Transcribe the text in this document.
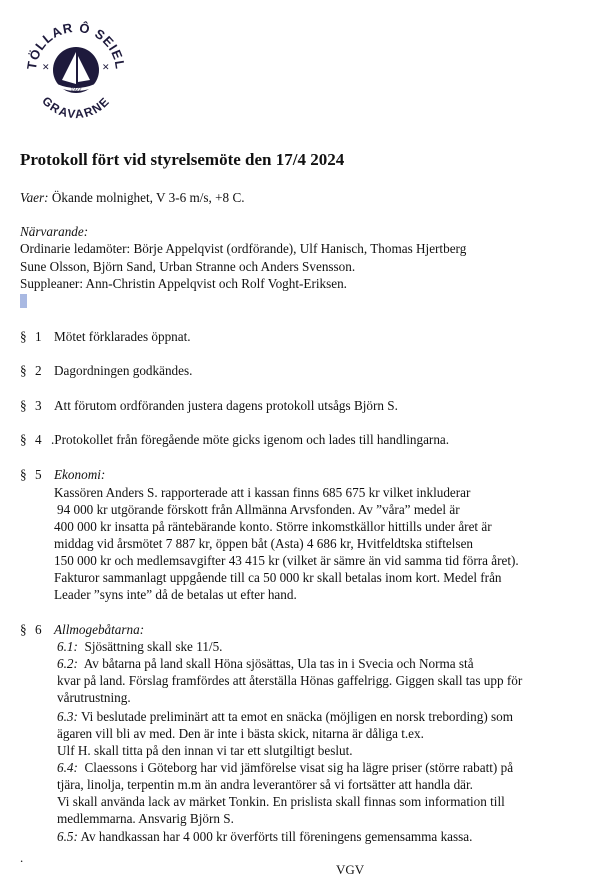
TÖLLAR Ô SEIEL
GRAVARNE
1922
✕	✕
Protokoll fört vid styrelsemöte den 17/4 2024
Vaer: Ökande molnighet, V 3-6 m/s, +8 C.
Närvarande:
Ordinarie ledamöter: Börje Appelqvist (ordförande), Ulf Hanisch, Thomas Hjertberg
Sune Olsson, Björn Sand, Urban Stranne och Anders Svensson.
Suppleaner: Ann-Christin Appelqvist och Rolf Voght-Eriksen.
§ 1 Mötet förklarades öppnat.
§ 2 Dagordningen godkändes.
§ 3 Att förutom ordföranden justera dagens protokoll utsågs Björn S.
§ 4 .Protokollet från föregående möte gicks igenom och lades till handlingarna.
§ 5 Ekonomi:
Kassören Anders S. rapporterade att i kassan finns 685 675 kr vilket inkluderar
94 000 kr utgörande förskott från Allmänna Arvsfonden. Av ”våra” medel är
400 000 kr insatta på räntebärande konto. Större inkomstkällor hittills under året är
middag vid årsmötet 7 887 kr, öppen båt (Asta) 4 686 kr, Hvitfeldtska stiftelsen
150 000 kr och medlemsavgifter 43 415 kr (vilket är sämre än vid samma tid förra året).
Fakturor sammanlagt uppgående till ca 50 000 kr skall betalas inom kort. Medel från
Leader ”syns inte” då de betalas ut efter hand.
§ 6 Allmogebåtarna:
6.1: Sjösättning skall ske 11/5.
6.2: Av båtarna på land skall Höna sjösättas, Ula tas in i Svecia och Norma stå
kvar på land. Förslag framfördes att återställa Hönas gaffelrigg. Giggen skall tas upp för
vårutrustning.
6.3: Vi beslutade preliminärt att ta emot en snäcka (möjligen en norsk trebording) som
ägaren vill bli av med. Den är inte i bästa skick, nitarna är dåliga t.ex.
Ulf H. skall titta på den innan vi tar ett slutgiltigt beslut.
6.4: Claessons i Göteborg har vid jämförelse visat sig ha lägre priser (större rabatt) på
tjära, linolja, terpentin m.m än andra leverantörer så vi fortsätter att handla där.
Vi skall använda lack av märket Tonkin. En prislista skall finnas som information till
medlemmarna. Ansvarig Björn S.
6.5: Av handkassan har 4 000 kr överförts till föreningens gemensamma kassa.
.
VGV
